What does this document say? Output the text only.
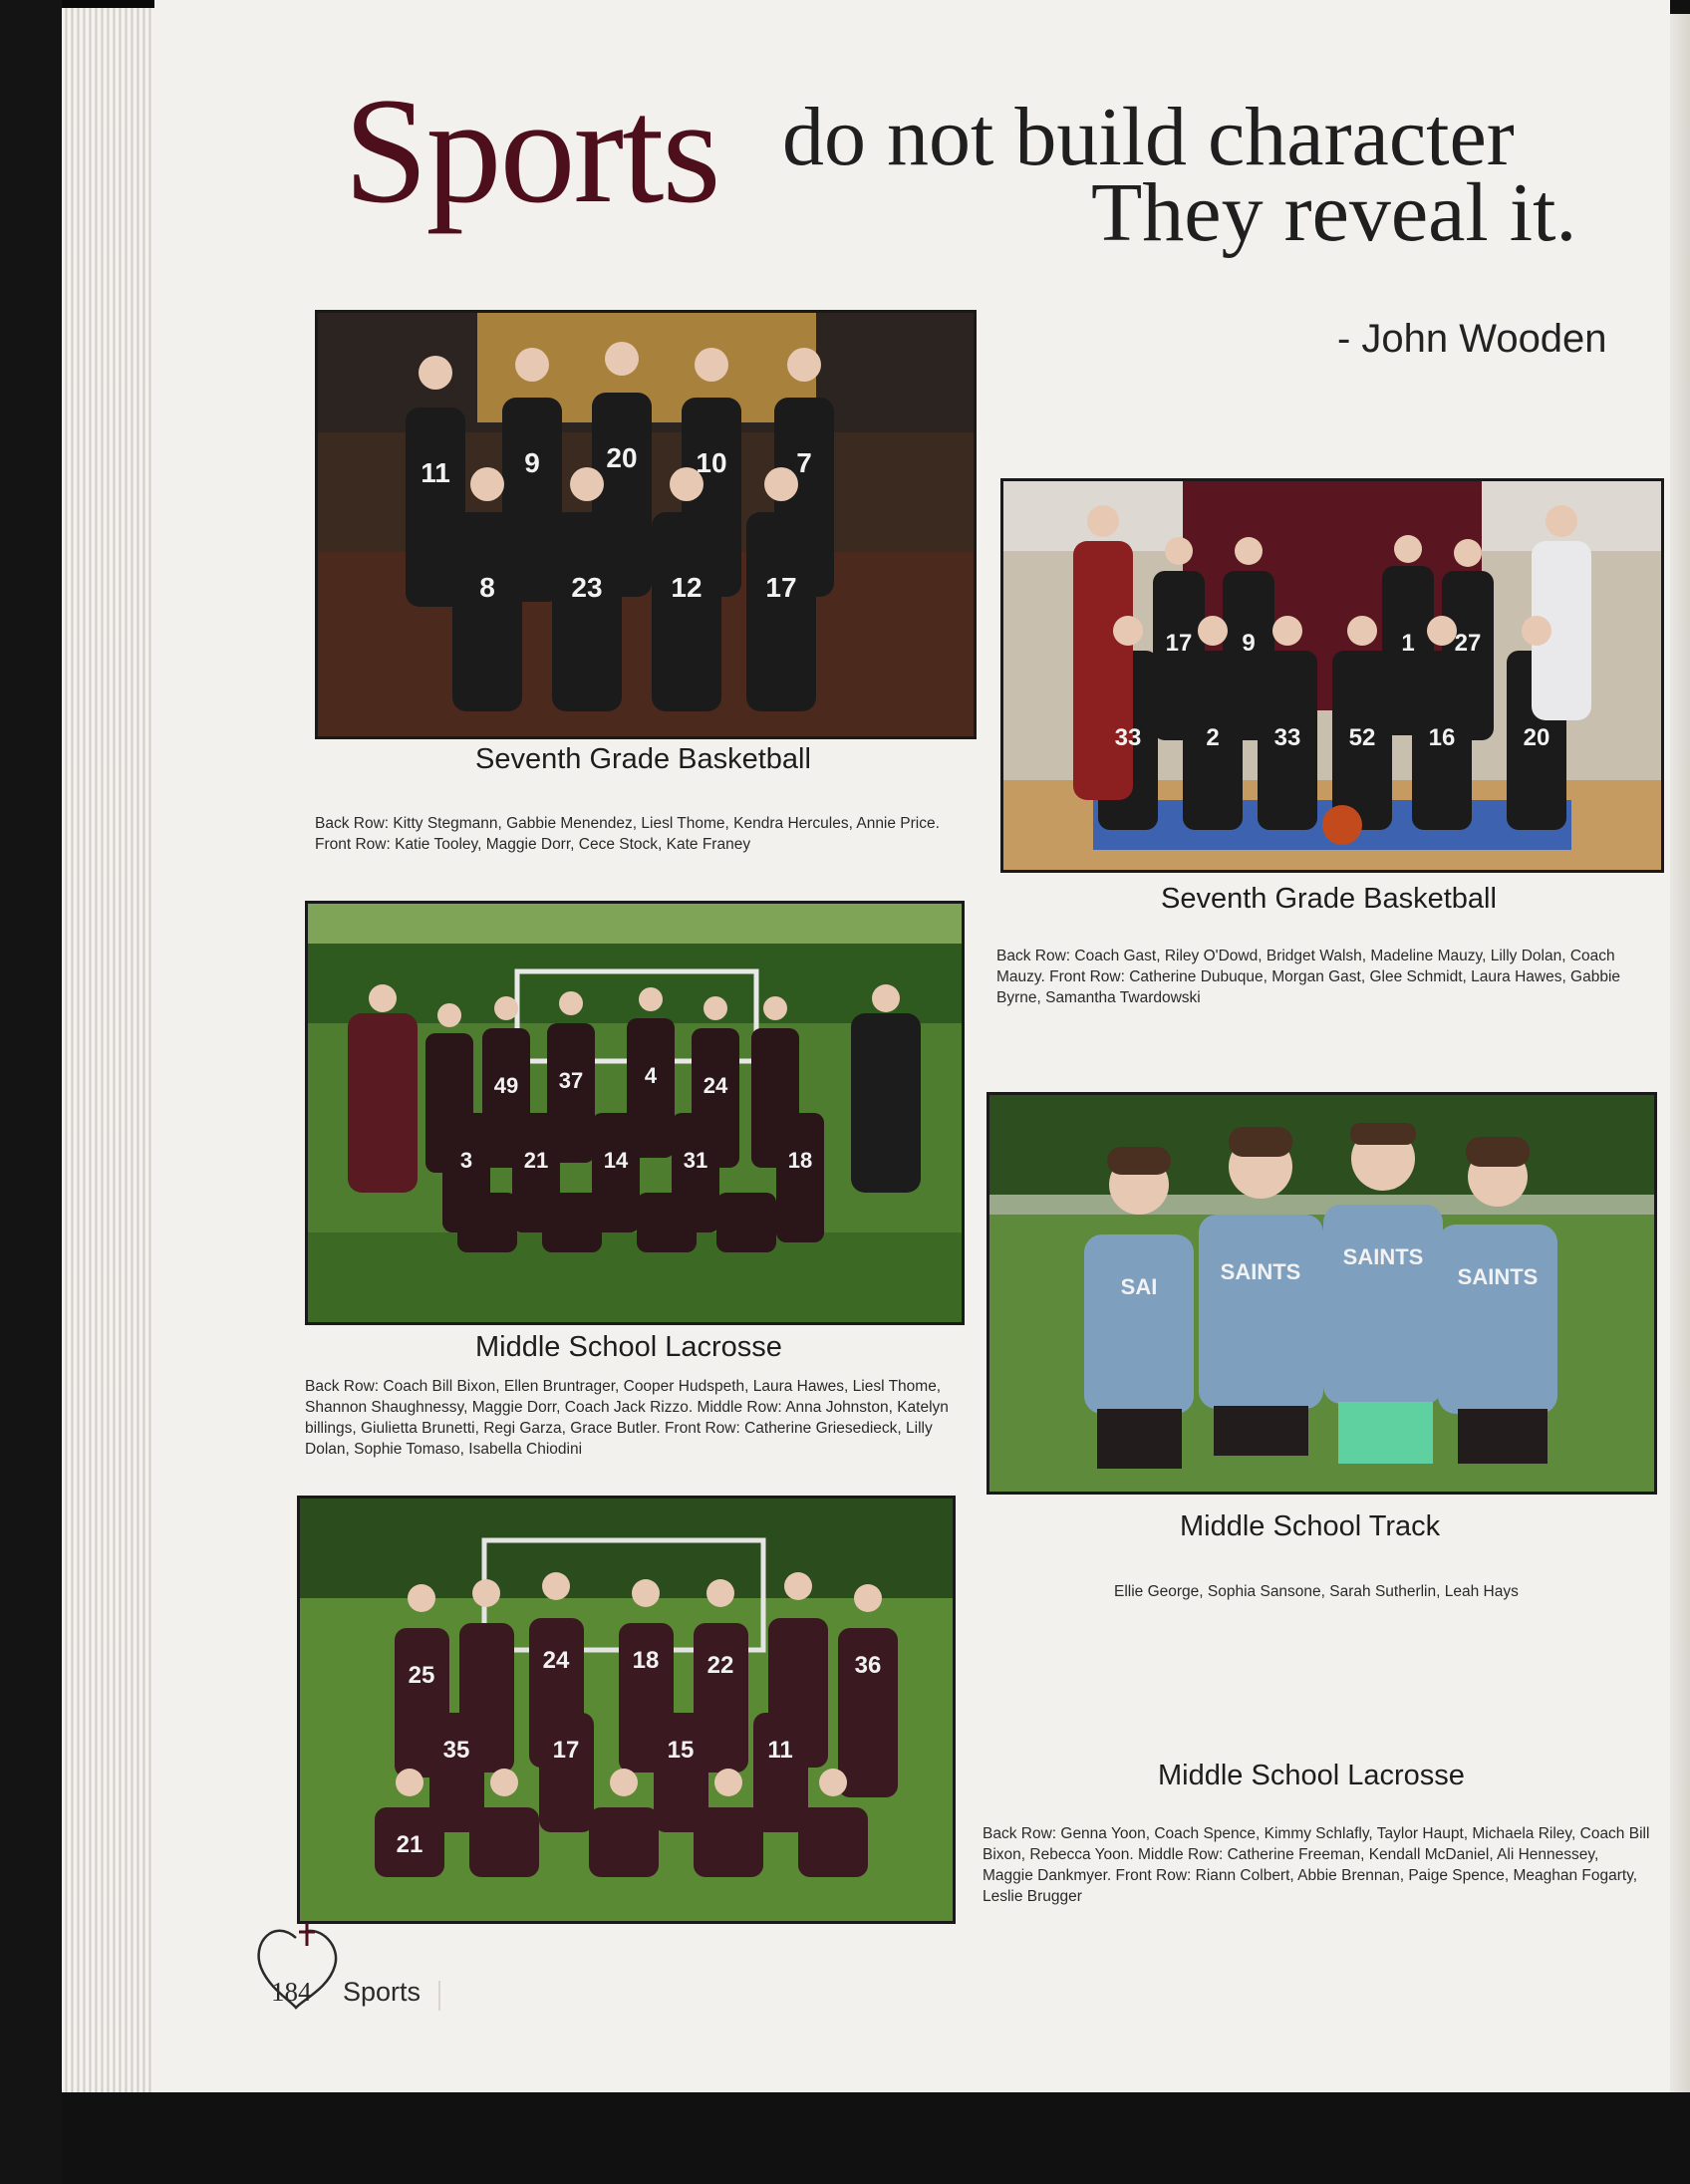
Sports do not build character
They reveal it.
- John Wooden
11	9 20 10 7
8	23 12 17
Seventh Grade Basketball
Back Row: Kitty Stegmann, Gabbie Menendez, Liesl Thome, Kendra Hercules, Annie Price. Front Row: Katie Tooley, Maggie Dorr, Cece Stock, Kate Franey
17 9	1 27
33	2 33 52 16	20
Seventh Grade Basketball
Back Row: Coach Gast, Riley O'Dowd, Bridget Walsh, Madeline Mauzy, Lilly Dolan, Coach Mauzy. Front Row: Catherine Dubuque, Morgan Gast, Glee Schmidt, Laura Hawes, Gabbie Byrne, Samantha Twardowski
49 37	4 24
3 21	14	31	18
Middle School Lacrosse
Back Row: Coach Bill Bixon, Ellen Bruntrager, Cooper Hudspeth, Laura Hawes, Liesl Thome, Shannon Shaughnessy, Maggie Dorr, Coach Jack Rizzo. Middle Row: Anna Johnston, Katelyn billings, Giulietta Brunetti, Regi Garza, Grace Butler. Front Row: Catherine Griesedieck, Lilly Dolan, Sophie Tomaso, Isabella Chiodini
SAI
SAINTS
SAINTS
SAINTS
Middle School Track
Ellie George, Sophia Sansone, Sarah Sutherlin, Leah Hays
25
24	18 22	36
35	17	15	11
21
Middle School Lacrosse
Back Row: Genna Yoon, Coach Spence, Kimmy Schlafly, Taylor Haupt, Michaela Riley, Coach Bill Bixon, Rebecca Yoon. Middle Row: Catherine Freeman, Kendall McDaniel, Ali Hennessey, Maggie Dankmyer. Front Row: Riann Colbert, Abbie Brennan, Paige Spence, Meaghan Fogarty, Leslie Brugger
184 Sports
